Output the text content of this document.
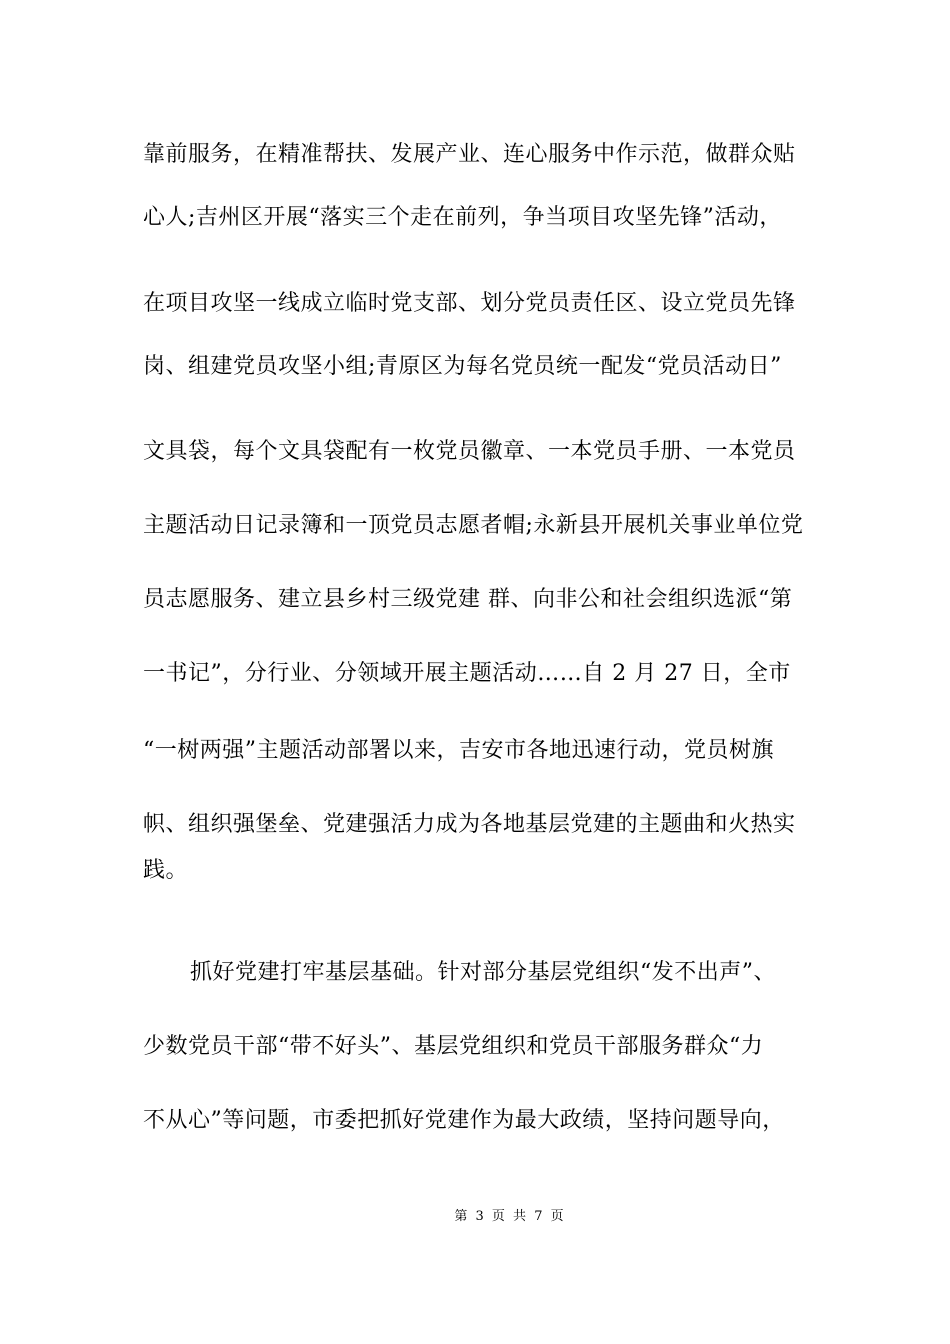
靠前服务，在精准帮扶、发展产业、连心服务中作示范，做群众贴
心人;吉州区开展“落实三个走在前列，争当项目攻坚先锋”活动，
在项目攻坚一线成立临时党支部、划分党员责任区、设立党员先锋
岗、组建党员攻坚小组;青原区为每名党员统一配发“党员活动日”
文具袋，每个文具袋配有一枚党员徽章、一本党员手册、一本党员
主题活动日记录簿和一顶党员志愿者帽;永新县开展机关事业单位党
员志愿服务、建立县乡村三级党建 群、向非公和社会组织选派“第
一书记”，分行业、分领域开展主题活动……自 2 月 27 日，全市
“一树两强”主题活动部署以来，吉安市各地迅速行动，党员树旗
帜、组织强堡垒、党建强活力成为各地基层党建的主题曲和火热实
践。
抓好党建打牢基层基础。针对部分基层党组织“发不出声”、
少数党员干部“带不好头”、基层党组织和党员干部服务群众“力
不从心”等问题，市委把抓好党建作为最大政绩，坚持问题导向，
第 3 页 共 7 页
